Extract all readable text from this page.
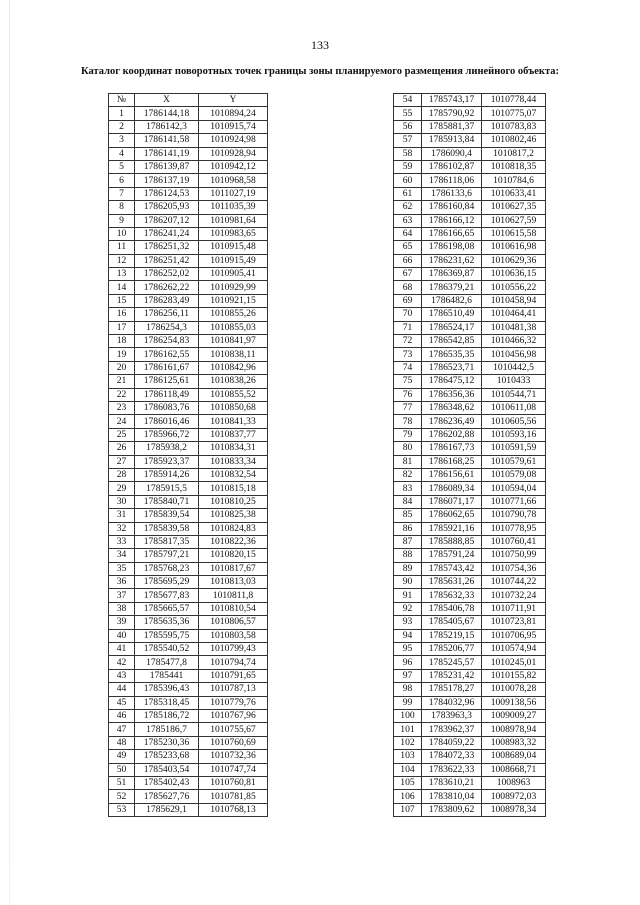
133
Каталог координат поворотных точек границы зоны планируемого размещения линейного объекта:
№	X	Y
1	1786144,18	1010894,24
2	1786142,3	1010915,74
3	1786141,58	1010924,98
4	1786141,19	1010928,94
5	1786139,87	1010942,12
6	1786137,19	1010968,58
7	1786124,53	1011027,19
8	1786205,93	1011035,39
9	1786207,12	1010981,64
10	1786241,24	1010983,65
11	1786251,32	1010915,48
12	1786251,42	1010915,49
13	1786252,02	1010905,41
14	1786262,22	1010929,99
15	1786283,49	1010921,15
16	1786256,11	1010855,26
17	1786254,3	1010855,03
18	1786254,83	1010841,97
19	1786162,55	1010838,11
20	1786161,67	1010842,96
21	1786125,61	1010838,26
22	1786118,49	1010855,52
23	1786083,76	1010850,68
24	1786016,46	1010841,33
25	1785966,72	1010837,77
26	1785938,2	1010834,31
27	1785923,37	1010833,34
28	1785914,26	1010832,54
29	1785915,5	1010815,18
30	1785840,71	1010810,25
31	1785839,54	1010825,38
32	1785839,58	1010824,83
33	1785817,35	1010822,36
34	1785797,21	1010820,15
35	1785768,23	1010817,67
36	1785695,29	1010813,03
37	1785677,83	1010811,8
38	1785665,57	1010810,54
39	1785635,36	1010806,57
40	1785595,75	1010803,58
41	1785540,52	1010799,43
42	1785477,8	1010794,74
43	1785441	1010791,65
44	1785396,43	1010787,13
45	1785318,45	1010779,76
46	1785186,72	1010767,96
47	1785186,7	1010755,67
48	1785230,36	1010760,69
49	1785233,68	1010732,36
50	1785403,54	1010747,74
51	1785402,43	1010760,81
52	1785627,76	1010781,85
53	1785629,1	1010768,13
54	1785743,17	1010778,44
55	1785790,92	1010775,07
56	1785881,37	1010783,83
57	1785913,84	1010802,46
58	1786090,4	1010817,2
59	1786102,87	1010818,35
60	1786118,06	1010784,6
61	1786133,6	1010633,41
62	1786160,84	1010627,35
63	1786166,12	1010627,59
64	1786166,65	1010615,58
65	1786198,08	1010616,98
66	1786231,62	1010629,36
67	1786369,87	1010636,15
68	1786379,21	1010556,22
69	1786482,6	1010458,94
70	1786510,49	1010464,41
71	1786524,17	1010481,38
72	1786542,85	1010466,32
73	1786535,35	1010456,98
74	1786523,71	1010442,5
75	1786475,12	1010433
76	1786356,36	1010544,71
77	1786348,62	1010611,08
78	1786236,49	1010605,56
79	1786202,88	1010593,16
80	1786167,73	1010591,59
81	1786168,25	1010579,61
82	1786156,61	1010579,08
83	1786089,34	1010594,04
84	1786071,17	1010771,66
85	1786062,65	1010790,78
86	1785921,16	1010778,95
87	1785888,85	1010760,41
88	1785791,24	1010750,99
89	1785743,42	1010754,36
90	1785631,26	1010744,22
91	1785632,33	1010732,24
92	1785406,78	1010711,91
93	1785405,67	1010723,81
94	1785219,15	1010706,95
95	1785206,77	1010574,94
96	1785245,57	1010245,01
97	1785231,42	1010155,82
98	1785178,27	1010078,28
99	1784032,96	1009138,56
100	1783963,3	1009009,27
101	1783962,37	1008978,94
102	1784059,22	1008983,32
103	1784072,33	1008689,04
104	1783622,33	1008668,71
105	1783610,21	1008963
106	1783810,04	1008972,03
107	1783809,62	1008978,34
